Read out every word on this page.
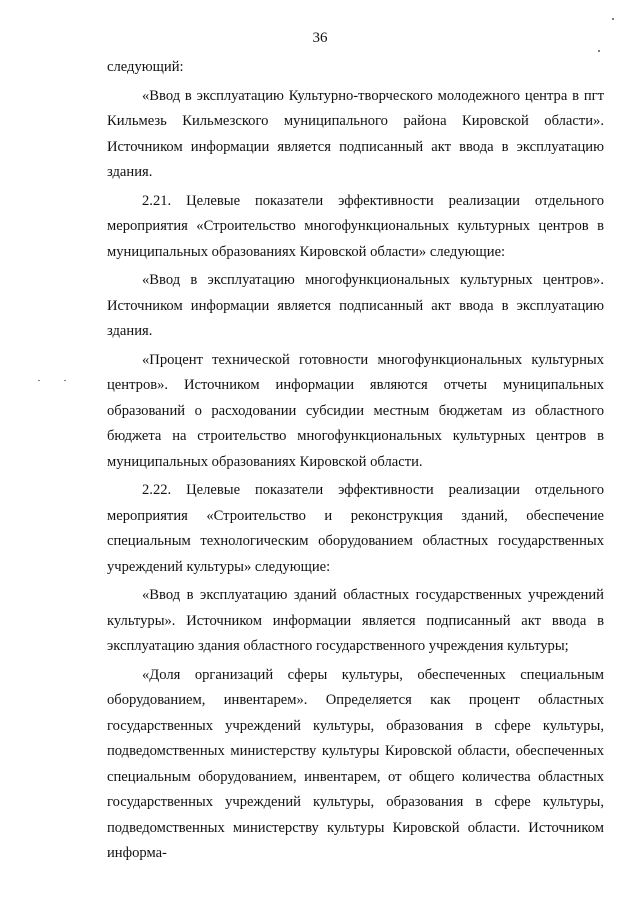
36

следующий:

«Ввод в эксплуатацию Культурно-творческого молодежного центра в пгт Кильмезь Кильмезского муниципального района Кировской области». Источником информации является подписанный акт ввода в эксплуатацию здания.

2.21. Целевые показатели эффективности реализации отдельного мероприятия «Строительство многофункциональных культурных центров в муниципальных образованиях Кировской области» следующие:

«Ввод в эксплуатацию многофункциональных культурных центров». Источником информации является подписанный акт ввода в эксплуатацию здания.

«Процент технической готовности многофункциональных культурных центров». Источником информации являются отчеты муниципальных образований о расходовании субсидии местным бюджетам из областного бюджета на строительство многофункциональных культурных центров в муниципальных образованиях Кировской области.

2.22. Целевые показатели эффективности реализации отдельного мероприятия «Строительство и реконструкция зданий, обеспечение специальным технологическим оборудованием областных государственных учреждений культуры» следующие:

«Ввод в эксплуатацию зданий областных государственных учреждений культуры». Источником информации является подписанный акт ввода в эксплуатацию здания областного государственного учреждения культуры;

«Доля организаций сферы культуры, обеспеченных специальным оборудованием, инвентарем». Определяется как процент областных государственных учреждений культуры, образования в сфере культуры, подведомственных министерству культуры Кировской области, обеспеченных специальным оборудованием, инвентарем, от общего количества областных государственных учреждений культуры, образования в сфере культуры, подведомственных министерству культуры Кировской области. Источником информа-
